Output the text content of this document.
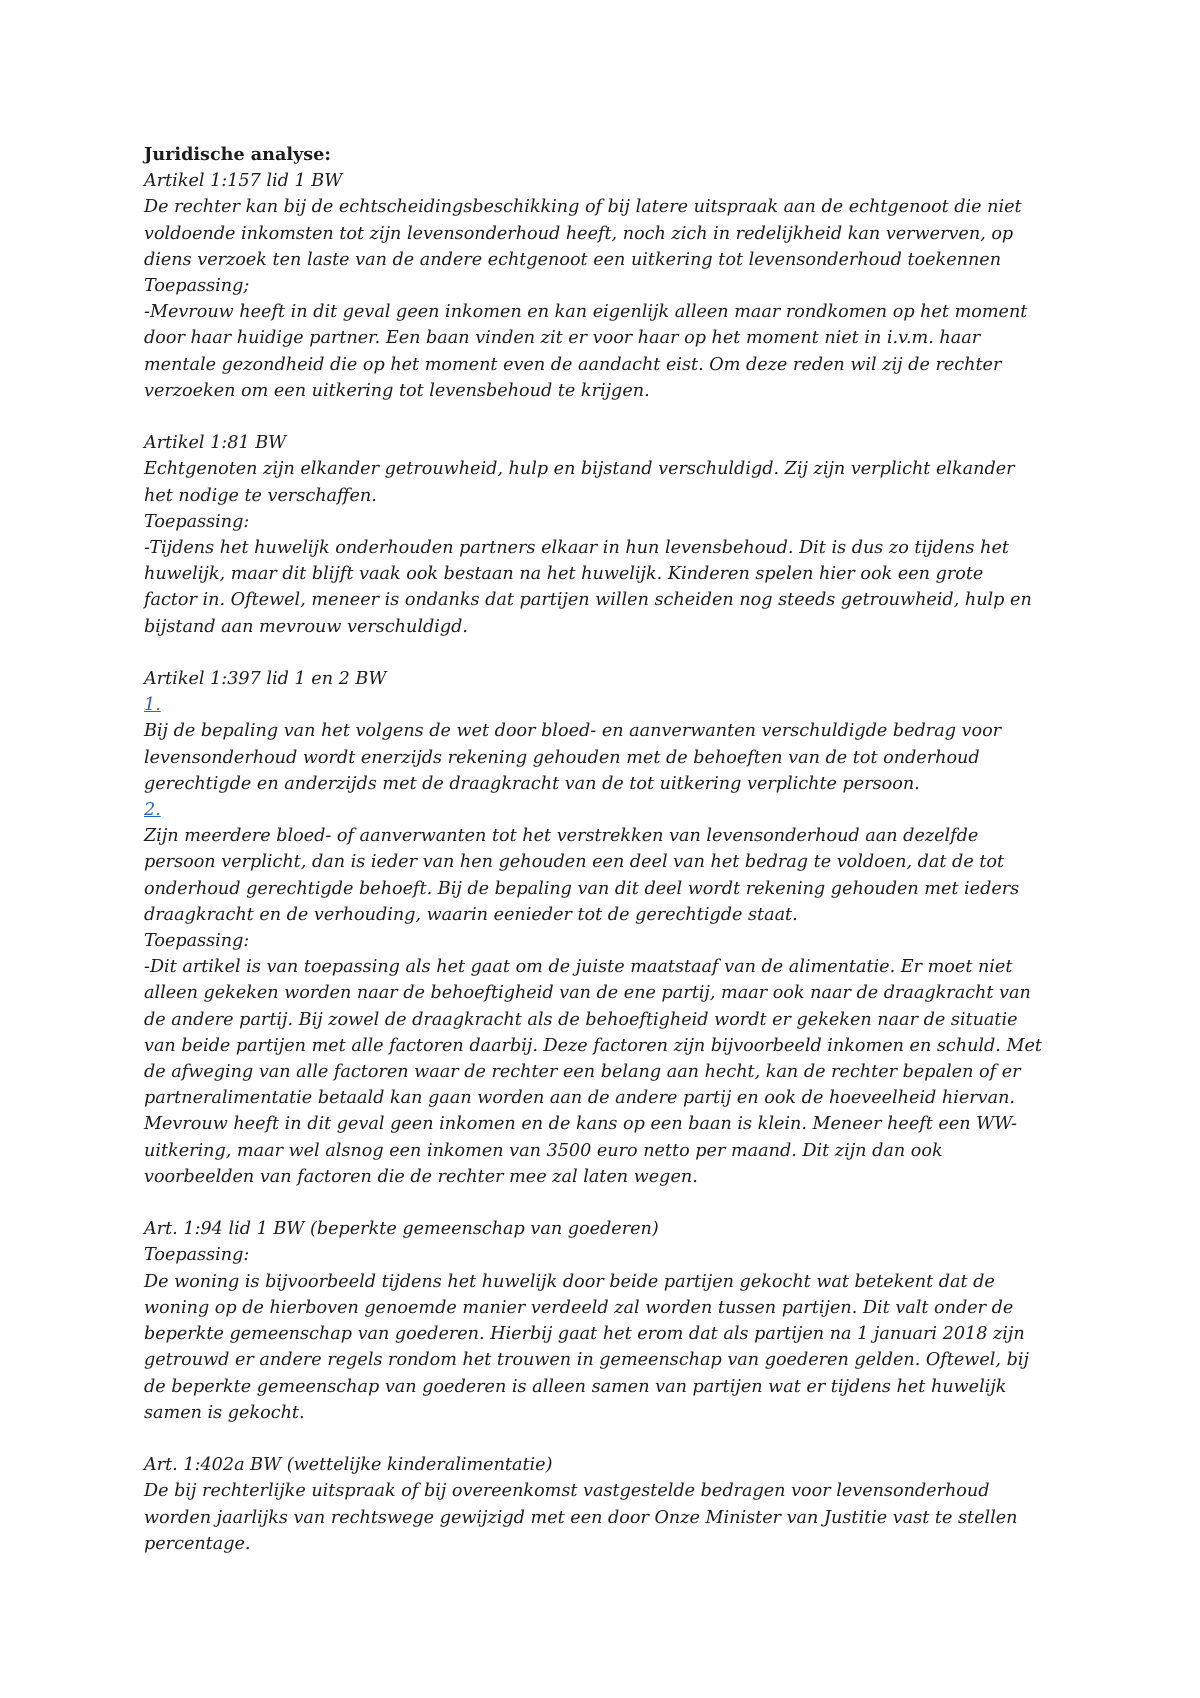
Juridische analyse:
Artikel 1:157 lid 1 BW
De rechter kan bij de echtscheidingsbeschikking of bij latere uitspraak aan de echtgenoot die niet
voldoende inkomsten tot zijn levensonderhoud heeft, noch zich in redelijkheid kan verwerven, op
diens verzoek ten laste van de andere echtgenoot een uitkering tot levensonderhoud toekennen
Toepassing;
-Mevrouw heeft in dit geval geen inkomen en kan eigenlijk alleen maar rondkomen op het moment
door haar huidige partner. Een baan vinden zit er voor haar op het moment niet in i.v.m. haar
mentale gezondheid die op het moment even de aandacht eist. Om deze reden wil zij de rechter
verzoeken om een uitkering tot levensbehoud te krijgen.
Artikel 1:81 BW
Echtgenoten zijn elkander getrouwheid, hulp en bijstand verschuldigd. Zij zijn verplicht elkander
het nodige te verschaffen.
Toepassing:
-Tijdens het huwelijk onderhouden partners elkaar in hun levensbehoud. Dit is dus zo tijdens het
huwelijk, maar dit blijft vaak ook bestaan na het huwelijk. Kinderen spelen hier ook een grote
factor in. Oftewel, meneer is ondanks dat partijen willen scheiden nog steeds getrouwheid, hulp en
bijstand aan mevrouw verschuldigd.
Artikel 1:397 lid 1 en 2 BW
1.
Bij de bepaling van het volgens de wet door bloed- en aanverwanten verschuldigde bedrag voor
levensonderhoud wordt enerzijds rekening gehouden met de behoeften van de tot onderhoud
gerechtigde en anderzijds met de draagkracht van de tot uitkering verplichte persoon.
2.
Zijn meerdere bloed- of aanverwanten tot het verstrekken van levensonderhoud aan dezelfde
persoon verplicht, dan is ieder van hen gehouden een deel van het bedrag te voldoen, dat de tot
onderhoud gerechtigde behoeft. Bij de bepaling van dit deel wordt rekening gehouden met ieders
draagkracht en de verhouding, waarin eenieder tot de gerechtigde staat.
Toepassing:
-Dit artikel is van toepassing als het gaat om de juiste maatstaaf van de alimentatie. Er moet niet
alleen gekeken worden naar de behoeftigheid van de ene partij, maar ook naar de draagkracht van
de andere partij. Bij zowel de draagkracht als de behoeftigheid wordt er gekeken naar de situatie
van beide partijen met alle factoren daarbij. Deze factoren zijn bijvoorbeeld inkomen en schuld. Met
de afweging van alle factoren waar de rechter een belang aan hecht, kan de rechter bepalen of er
partneralimentatie betaald kan gaan worden aan de andere partij en ook de hoeveelheid hiervan.
Mevrouw heeft in dit geval geen inkomen en de kans op een baan is klein. Meneer heeft een WW-
uitkering, maar wel alsnog een inkomen van 3500 euro netto per maand. Dit zijn dan ook
voorbeelden van factoren die de rechter mee zal laten wegen.
Art. 1:94 lid 1 BW (beperkte gemeenschap van goederen)
Toepassing:
De woning is bijvoorbeeld tijdens het huwelijk door beide partijen gekocht wat betekent dat de
woning op de hierboven genoemde manier verdeeld zal worden tussen partijen. Dit valt onder de
beperkte gemeenschap van goederen. Hierbij gaat het erom dat als partijen na 1 januari 2018 zijn
getrouwd er andere regels rondom het trouwen in gemeenschap van goederen gelden. Oftewel, bij
de beperkte gemeenschap van goederen is alleen samen van partijen wat er tijdens het huwelijk
samen is gekocht.
Art. 1:402a BW (wettelijke kinderalimentatie)
De bij rechterlijke uitspraak of bij overeenkomst vastgestelde bedragen voor levensonderhoud
worden jaarlijks van rechtswege gewijzigd met een door Onze Minister van Justitie vast te stellen
percentage.
